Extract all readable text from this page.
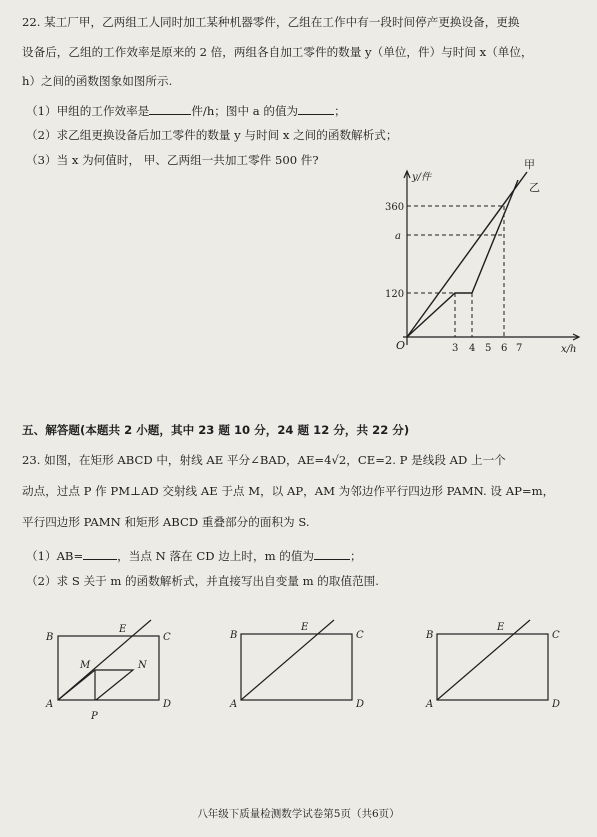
22. 某工厂甲，乙两组工人同时加工某种机器零件，乙组在工作中有一段时间停产更换设备，更换
设备后，乙组的工作效率是原来的 2 倍，两组各自加工零件的数量 y（单位，件）与时间 x（单位，
h）之间的函数图象如图所示.
（1）甲组的工作效率是	件/h；图中 a 的值为	；
（2）求乙组更换设备后加工零件的数量 y 与时间 x 之间的函数解析式；
（3）当 x 为何值时， 甲、乙两组一共加工零件 500 件?
y/件
x/h
O
甲
乙
360
a
120
3 4 5 6 7
五、解答题(本题共 2 小题，其中 23 题 10 分，24 题 12 分，共 22 分)
23. 如图，在矩形 ABCD 中，射线 AE 平分∠BAD，AE=4√2，CE=2. P 是线段 AD 上一个
动点，过点 P 作 PM⊥AD 交射线 AE 于点 M，以 AP，AM 为邻边作平行四边形 PAMN. 设 AP=m，
平行四边形 PAMN 和矩形 ABCD 重叠部分的面积为 S.
（1）AB=	，当点 N 落在 CD 边上时，m 的值为	；
（2）求 S 关于 m 的函数解析式，并直接写出自变量 m 的取值范围.
B	C
A	D
E
M	N
P
B	C
A	D
E
B	C
A	D
E
八年级下质量检测数学试卷第5页（共6页）
